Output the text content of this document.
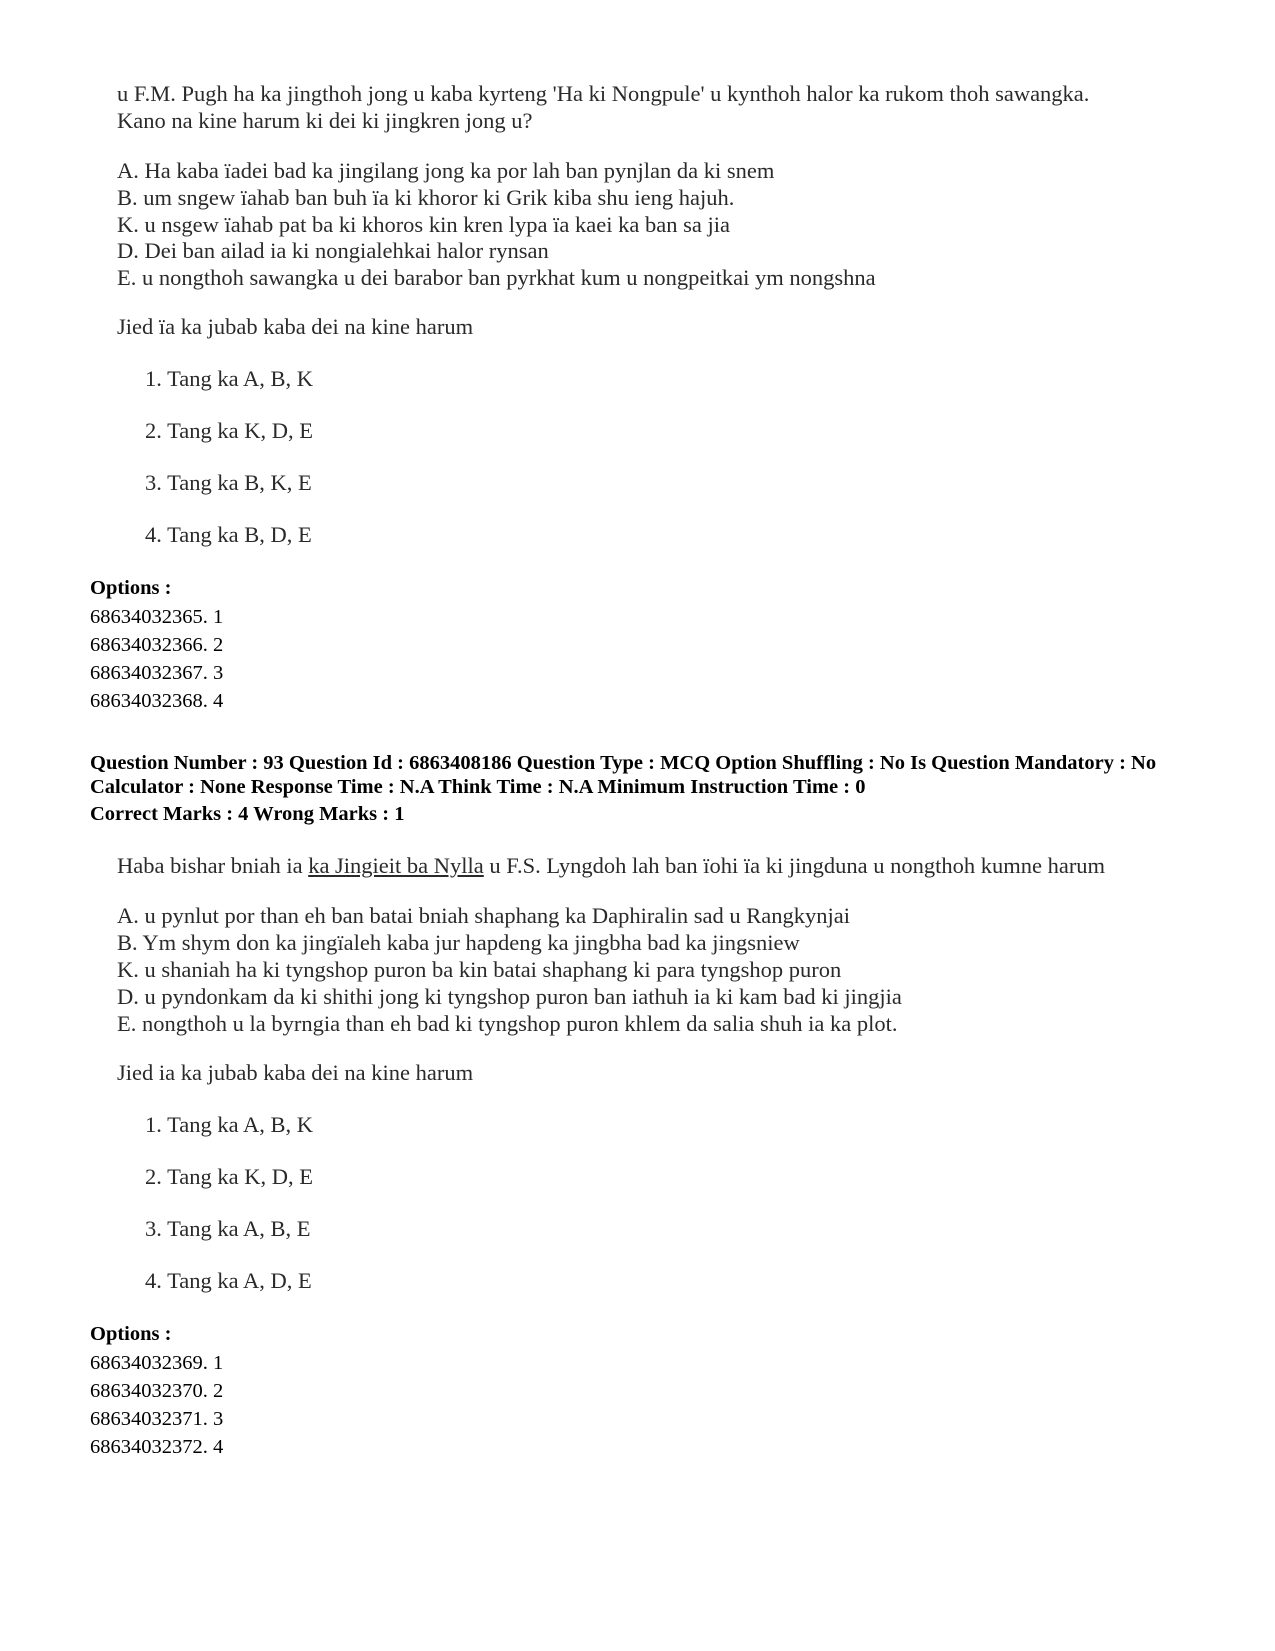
u F.M. Pugh ha ka jingthoh jong u kaba kyrteng 'Ha ki Nongpule' u kynthoh halor ka rukom thoh sawangka.
Kano na kine harum ki dei ki jingkren jong u?
A. Ha kaba ïadei bad ka jingilang jong ka por lah ban pynjlan da ki snem
B. um sngew ïahab ban buh ïa ki khoror ki Grik kiba shu ieng hajuh.
K. u nsgew ïahab pat ba ki khoros kin kren lypa ïa kaei ka ban sa jia
D. Dei ban ailad ia ki nongialehkai halor rynsan
E. u nongthoh sawangka u dei barabor ban pyrkhat kum u nongpeitkai ym nongshna
Jied ïa ka jubab kaba dei na kine harum
1. Tang ka A, B, K
2. Tang ka K, D, E
3. Tang ka B, K, E
4. Tang ka B, D, E
Options :
68634032365. 1
68634032366. 2
68634032367. 3
68634032368. 4
Question Number : 93 Question Id : 6863408186 Question Type : MCQ Option Shuffling : No Is Question Mandatory : No Calculator : None Response Time : N.A Think Time : N.A Minimum Instruction Time : 0
Correct Marks : 4 Wrong Marks : 1
Haba bishar bniah ia ka Jingieit ba Nylla u F.S. Lyngdoh lah ban ïohi ïa ki jingduna u nongthoh kumne harum
A. u pynlut por than eh ban batai bniah shaphang ka Daphiralin sad u Rangkynjai
B. Ym shym don ka jingïaleh kaba jur hapdeng ka jingbha bad ka jingsniew
K. u shaniah ha ki tyngshop puron ba kin batai shaphang ki para tyngshop puron
D. u pyndonkam da ki shithi jong ki tyngshop puron ban iathuh ia ki kam bad ki jingjia
E. nongthoh u la byrngia than eh bad ki tyngshop puron khlem da salia shuh ia ka plot.
Jied ia ka jubab kaba dei na kine harum
1. Tang ka A, B, K
2. Tang ka K, D, E
3. Tang ka A, B, E
4. Tang ka A, D, E
Options :
68634032369. 1
68634032370. 2
68634032371. 3
68634032372. 4
